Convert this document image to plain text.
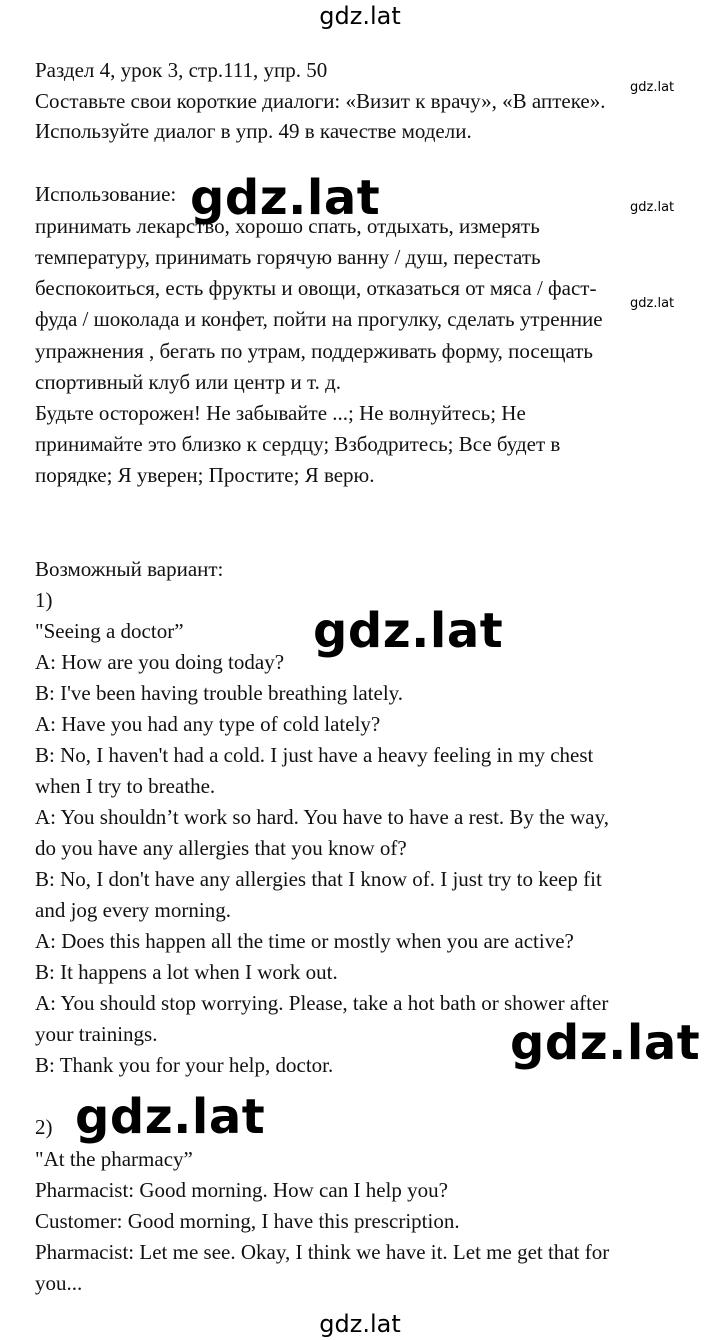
gdz.lat
Раздел 4, урок 3, стр.111, упр. 50
Составьте свои короткие диалоги: «Визит к врачу», «В аптеке».
Используйте диалог в упр. 49 в качестве модели.
Использование:
принимать лекарство, хорошо спать, отдыхать, измерять
температуру, принимать горячую ванну / душ, перестать
беспокоиться, есть фрукты и овощи, отказаться от мяса / фаст-
фуда / шоколада и конфет, пойти на прогулку, сделать утренние
упражнения , бегать по утрам, поддерживать форму, посещать
спортивный клуб или центр и т. д.
Будьте осторожен! Не забывайте ...; Не волнуйтесь; Не
принимайте это близко к сердцу; Взбодритесь; Все будет в
порядке; Я уверен; Простите; Я верю.
Возможный вариант:
1)
"Seeing a doctor”
A: How are you doing today?
B: I've been having trouble breathing lately.
A: Have you had any type of cold lately?
B: No, I haven't had a cold. I just have a heavy feeling in my chest
when I try to breathe.
A: You shouldn’t work so hard. You have to have a rest. By the way,
do you have any allergies that you know of?
B: No, I don't have any allergies that I know of. I just try to keep fit
and jog every morning.
A: Does this happen all the time or mostly when you are active?
B: It happens a lot when I work out.
A: You should stop worrying. Please, take a hot bath or shower after
your trainings.
B: Thank you for your help, doctor.
2)
"At the pharmacy”
Pharmacist: Good morning. How can I help you?
Customer: Good morning, I have this prescription.
Pharmacist: Let me see. Okay, I think we have it. Let me get that for
you...
gdz.lat
gdz.lat
gdz.lat
gdz.lat
gdz.lat
gdz.lat
gdz.lat
gdz.lat
